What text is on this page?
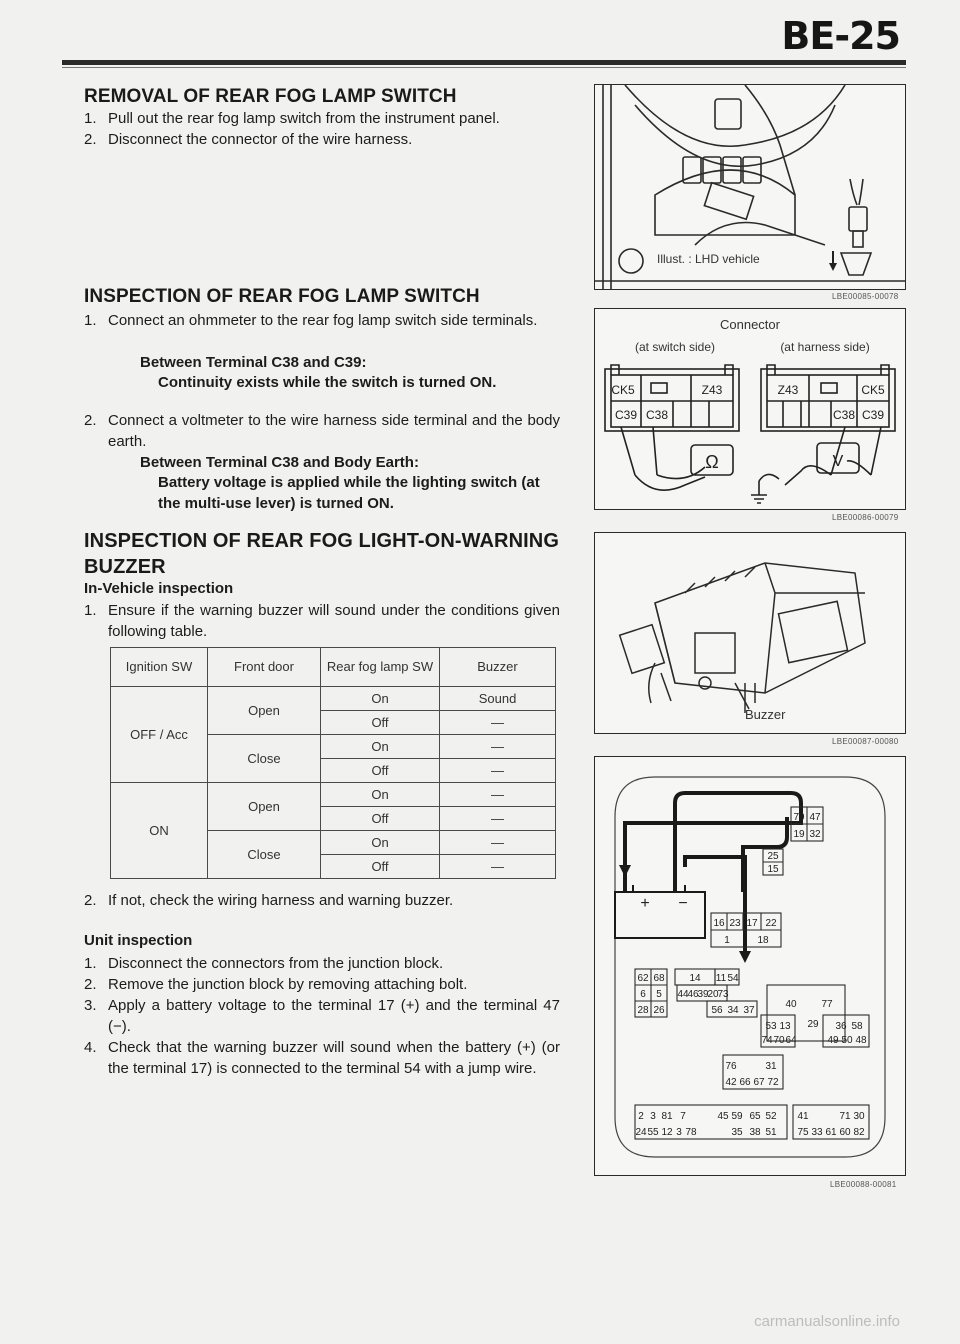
BE-25
REMOVAL OF REAR FOG LAMP SWITCH
1. Pull out the rear fog lamp switch from the instrument panel.
2. Disconnect the connector of the wire harness.
INSPECTION OF REAR FOG LAMP SWITCH
1. Connect an ohmmeter to the rear fog lamp switch side terminals.
Between Terminal C38 and C39:
Continuity exists while the switch is turned ON.
2. Connect a voltmeter to the wire harness side terminal and the body earth.
Between Terminal C38 and Body Earth:
Battery voltage is applied while the lighting switch (at the multi-use lever) is turned ON.
INSPECTION OF REAR FOG LIGHT-ON-WARNING
BUZZER
In-Vehicle inspection
1. Ensure if the warning buzzer will sound under the conditions given following table.
Ignition SW	Front door	Rear fog lamp SW	Buzzer
OFF / Acc	Open	On	Sound
		Off	—
	Close	On	—
		Off	—
ON	Open	On	—
		Off	—
	Close	On	—
		Off	—
2. If not, check the wiring harness and warning buzzer.
Unit inspection
1. Disconnect the connectors from the junction block.
2. Remove the junction block by removing attaching bolt.
3. Apply a battery voltage to the terminal 17 (+) and the terminal 47 (−).
4. Check that the warning buzzer will sound when the battery (+) (or the terminal 17) is connected to the terminal 54 with a jump wire.
Illust. : LHD vehicle
LBE00085-00078
Connector
(at switch side)	(at harness side)
CK5	Z43
C39 C38
Z43	CK5
C38 C39
Ω	V
LBE00086-00079
Buzzer
LBE00087-00080
+ −
79 47
19 32
25
15
16 23 17 22
1	18
62 68 14 11 54
6 5 44
46
39
20
73
28 26	56 34 37
40 77
53 13 29 36 58
74 70 64	49 50 48
76	31
42 66 67 72
2 3 81 7	45 59 65 52
24 55 12 3 78	35 38 51
41	71 30
75 33 61 60 82
LBE00088-00081
carmanualsonline.info
